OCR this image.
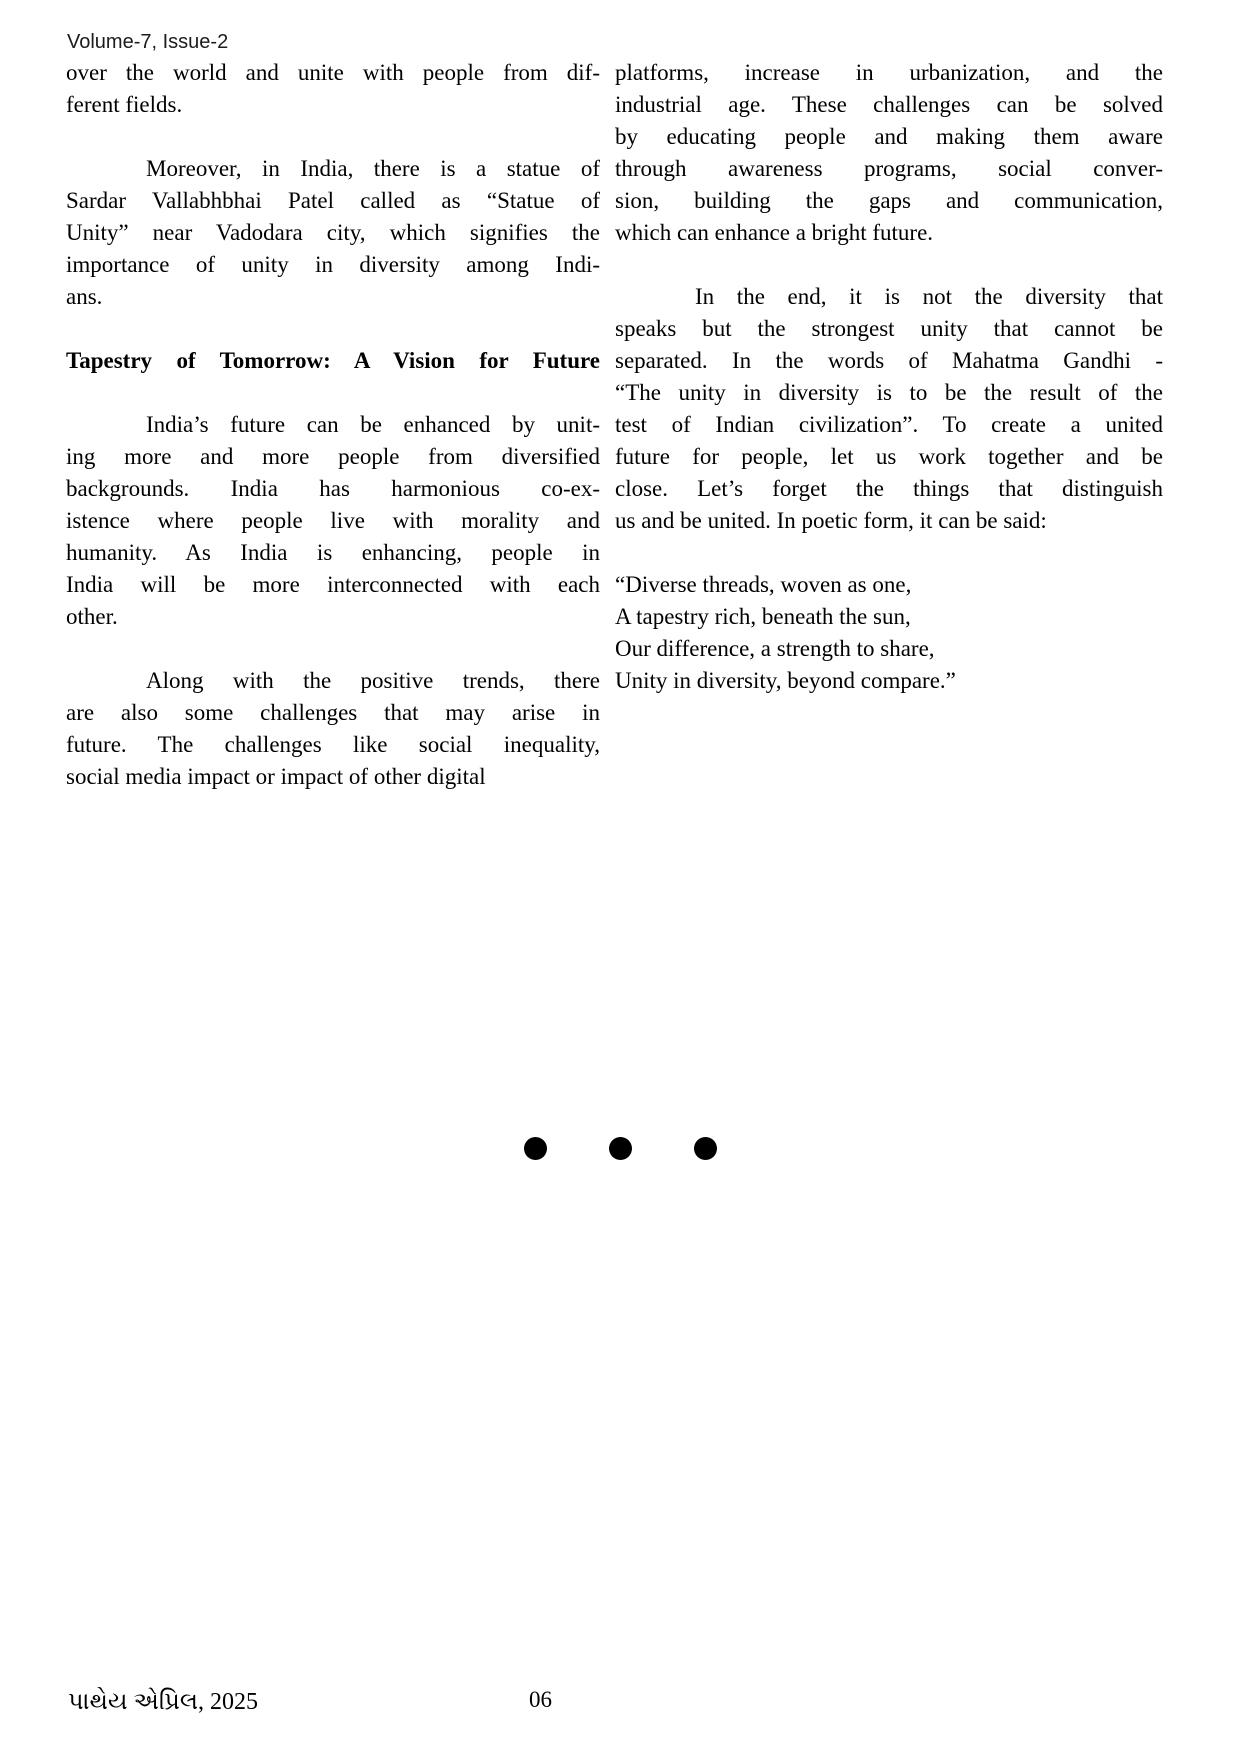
Volume-7, Issue-2
over the world and unite with people from dif-
ferent fields.
Moreover, in India, there is a statue of
Sardar Vallabhbhai Patel called as “Statue of
Unity” near Vadodara city, which signifies the
importance of unity in diversity among Indi-
ans.
Tapestry of Tomorrow: A Vision for Future
India’s future can be enhanced by unit-
ing more and more people from diversified
backgrounds. India has harmonious co-ex-
istence where people live with morality and
humanity. As India is enhancing, people in
India will be more interconnected with each
other.
Along with the positive trends, there
are also some challenges that may arise in
future. The challenges like social inequality,
social media impact or impact of other digital
platforms, increase in urbanization, and the
industrial age. These challenges can be solved
by educating people and making them aware
through awareness programs, social conver-
sion, building the gaps and communication,
which can enhance a bright future.
In the end, it is not the diversity that
speaks but the strongest unity that cannot be
separated. In the words of Mahatma Gandhi -
“The unity in diversity is to be the result of the
test of Indian civilization”. To create a united
future for people, let us work together and be
close. Let’s forget the things that distinguish
us and be united. In poetic form, it can be said:
“Diverse threads, woven as one,
A tapestry rich, beneath the sun,
Our difference, a strength to share,
Unity in diversity, beyond compare.”
પાથેય એપ્રિલ, 2025	06
